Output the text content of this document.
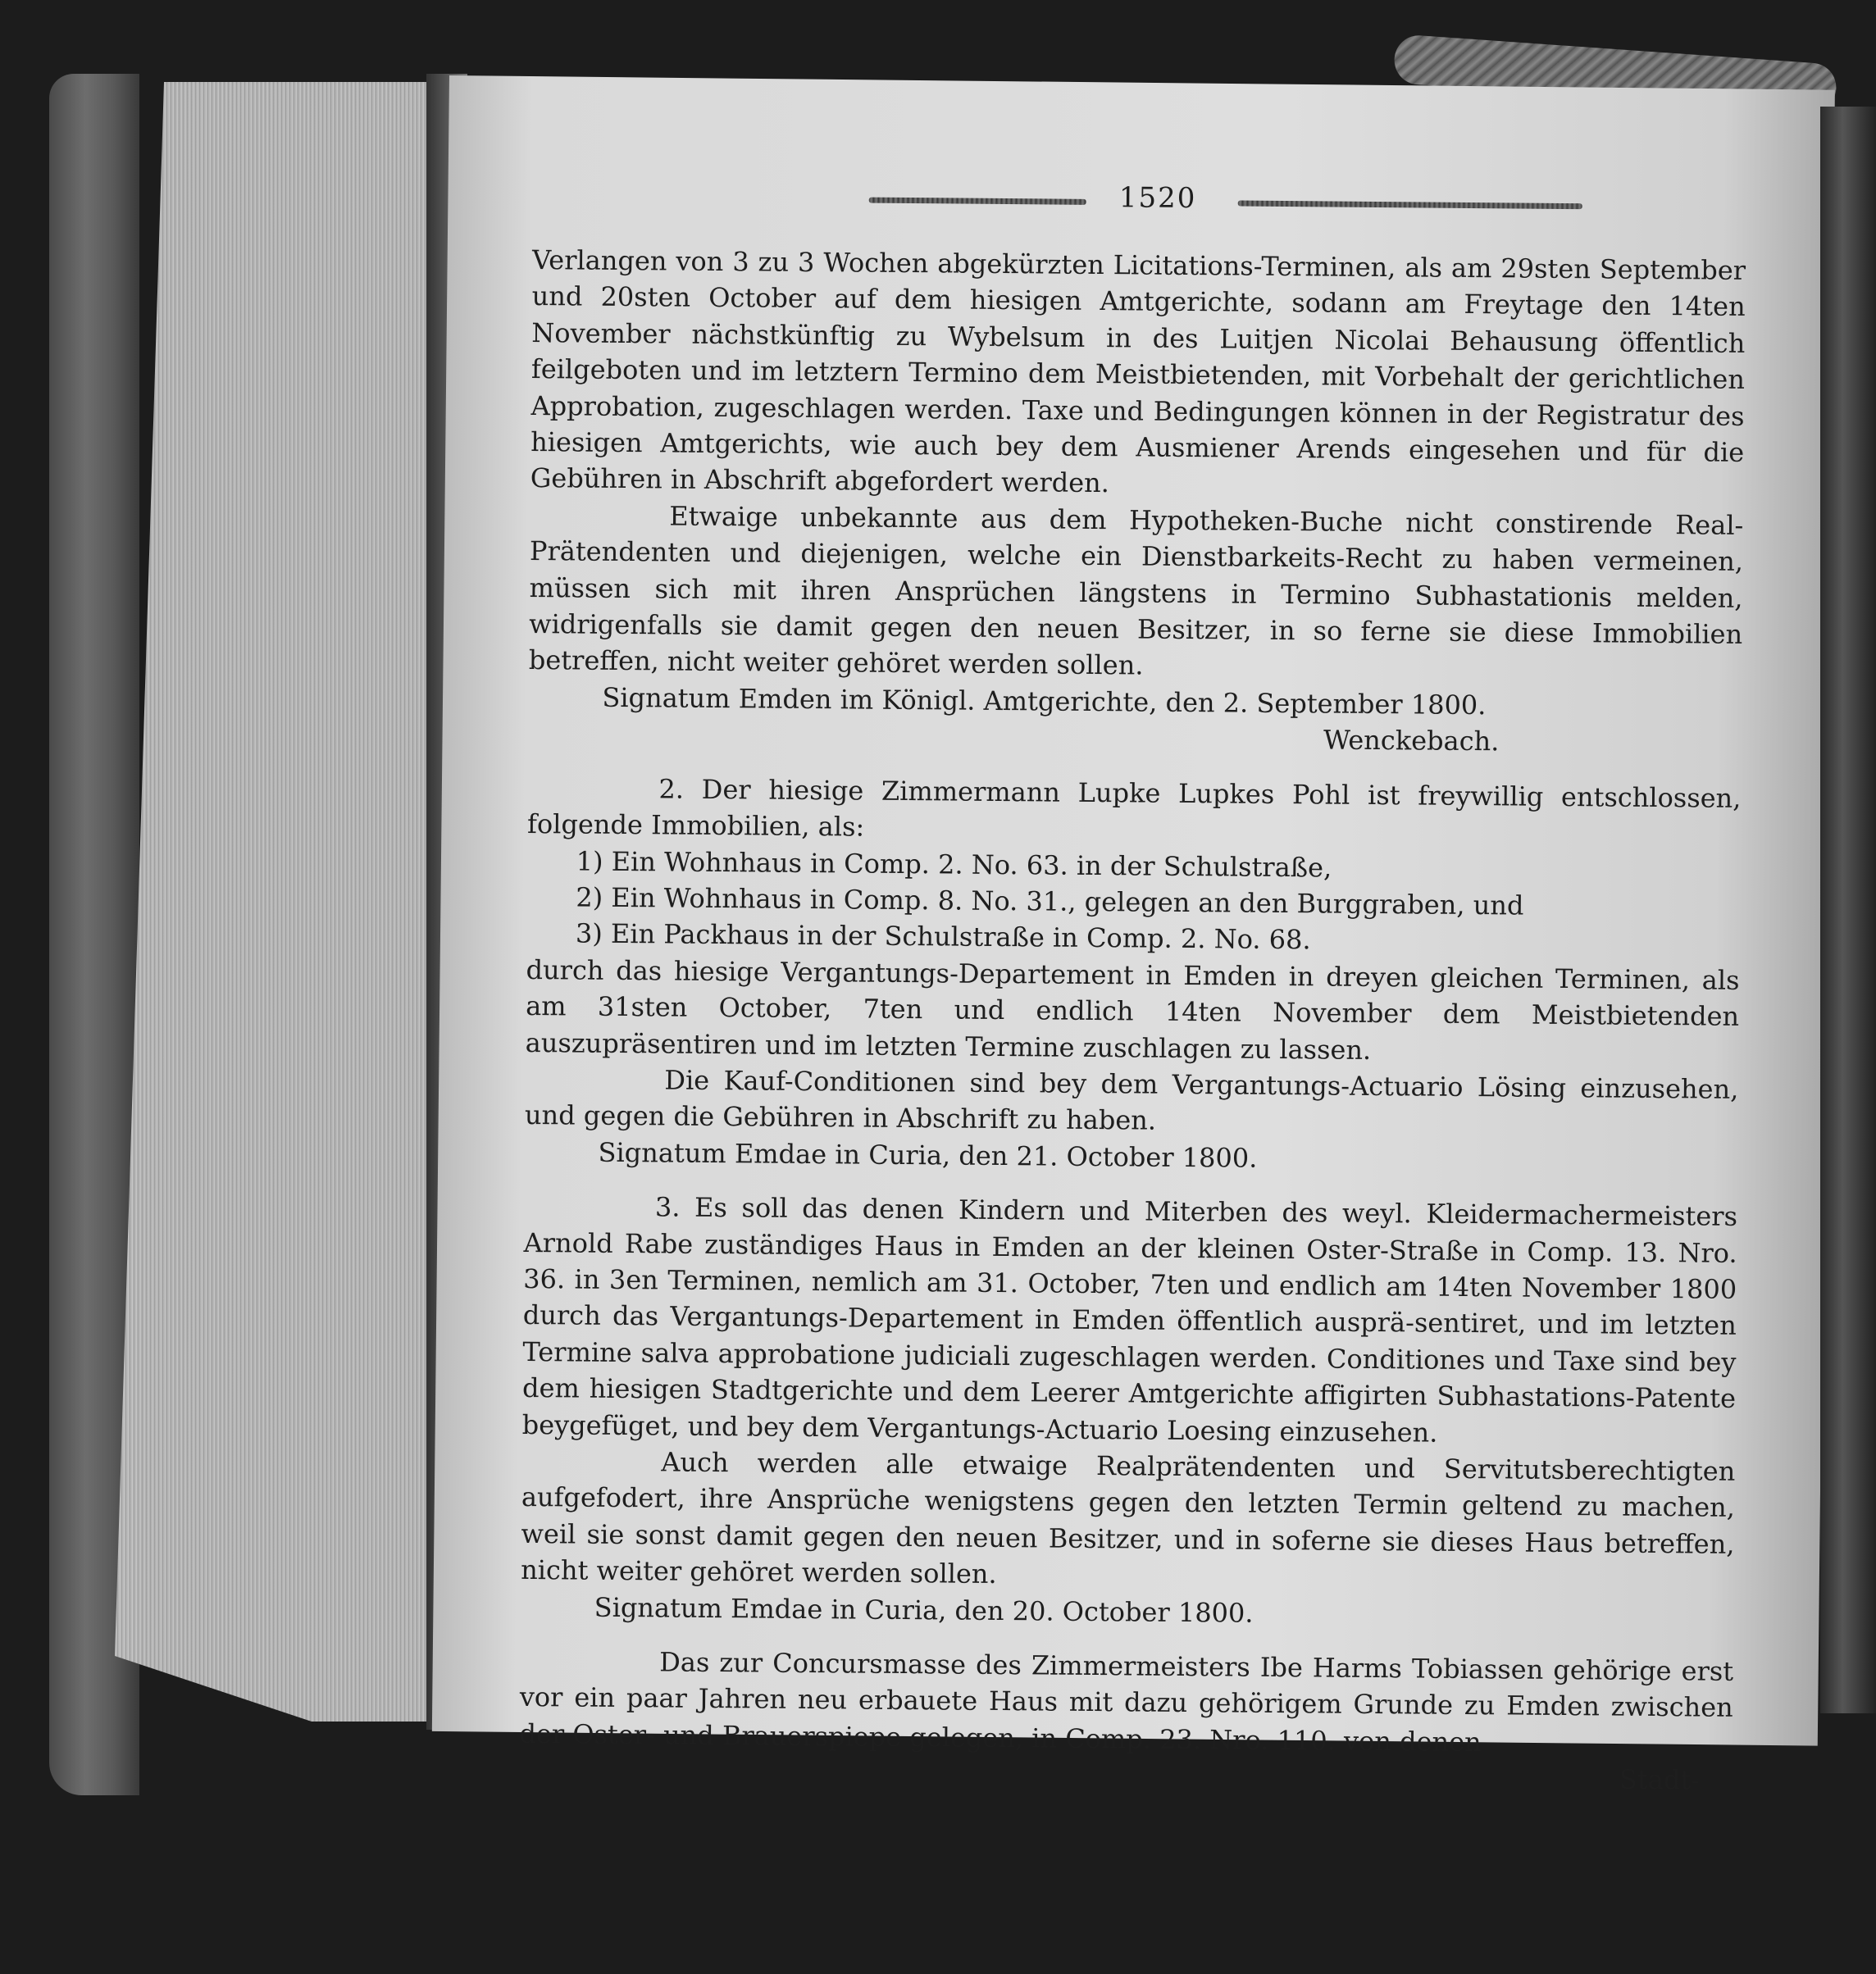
1520

Verlangen von 3 zu 3 Wochen abgekürzten Licitations-Terminen, als am 29sten September und 20sten October auf dem hiesigen Amtgerichte, sodann am Freytage den 14ten November nächstkünftig zu Wybelsum in des Luitjen Nicolai Behausung öffentlich feilgeboten und im letztern Termino dem Meistbietenden, mit Vorbehalt der gerichtlichen Approbation, zugeschlagen werden. Taxe und Bedingungen können in der Registratur des hiesigen Amtgerichts, wie auch bey dem Ausmiener Arends eingesehen und für die Gebühren in Abschrift abgefordert werden.

Etwaige unbekannte aus dem Hypotheken-Buche nicht constirende Real-Prätendenten und diejenigen, welche ein Dienstbarkeits-Recht zu haben vermeinen, müssen sich mit ihren Ansprüchen längstens in Termino Subhastationis melden, widrigenfalls sie damit gegen den neuen Besitzer, in so ferne sie diese Immobilien betreffen, nicht weiter gehöret werden sollen.

Signatum Emden im Königl. Amtgerichte, den 2. September 1800.

Wenckebach.

2. Der hiesige Zimmermann Lupke Lupkes Pohl ist freywillig entschlossen, folgende Immobilien, als:

1) Ein Wohnhaus in Comp. 2. No. 63. in der Schulstraße,

2) Ein Wohnhaus in Comp. 8. No. 31., gelegen an den Burggraben, und

3) Ein Packhaus in der Schulstraße in Comp. 2. No. 68.

durch das hiesige Vergantungs-Departement in Emden in dreyen gleichen Terminen, als am 31sten October, 7ten und endlich 14ten November dem Meistbietenden auszupräsentiren und im letzten Termine zuschlagen zu lassen.

Die Kauf-Conditionen sind bey dem Vergantungs-Actuario Lösing einzusehen, und gegen die Gebühren in Abschrift zu haben.

Signatum Emdae in Curia, den 21. October 1800.

3. Es soll das denen Kindern und Miterben des weyl. Kleidermachermeisters Arnold Rabe zuständiges Haus in Emden an der kleinen Oster-Straße in Comp. 13. Nro. 36. in 3en Terminen, nemlich am 31. October, 7ten und endlich am 14ten November 1800 durch das Vergantungs-Departement in Emden öffentlich ausprä-sentiret, und im letzten Termine salva approbatione judiciali zugeschlagen werden. Conditiones und Taxe sind bey dem hiesigen Stadtgerichte und dem Leerer Amtgerichte affigirten Subhastations-Patente beygefüget, und bey dem Vergantungs-Actuario Loesing einzusehen.

Auch werden alle etwaige Realprätendenten und Servitutsberechtigten aufgefodert, ihre Ansprüche wenigstens gegen den letzten Termin geltend zu machen, weil sie sonst damit gegen den neuen Besitzer, und in soferne sie dieses Haus betreffen, nicht weiter gehöret werden sollen.

Signatum Emdae in Curia, den 20. October 1800.

Das zur Concursmasse des Zimmermeisters Ibe Harms Tobiassen gehörige erst vor ein paar Jahren neu erbauete Haus mit dazu gehörigem Grunde zu Emden zwischen der Oster- und Brauerspiepe gelegen, in Comp. 23. Nro. 110. von denen

Stadt-
